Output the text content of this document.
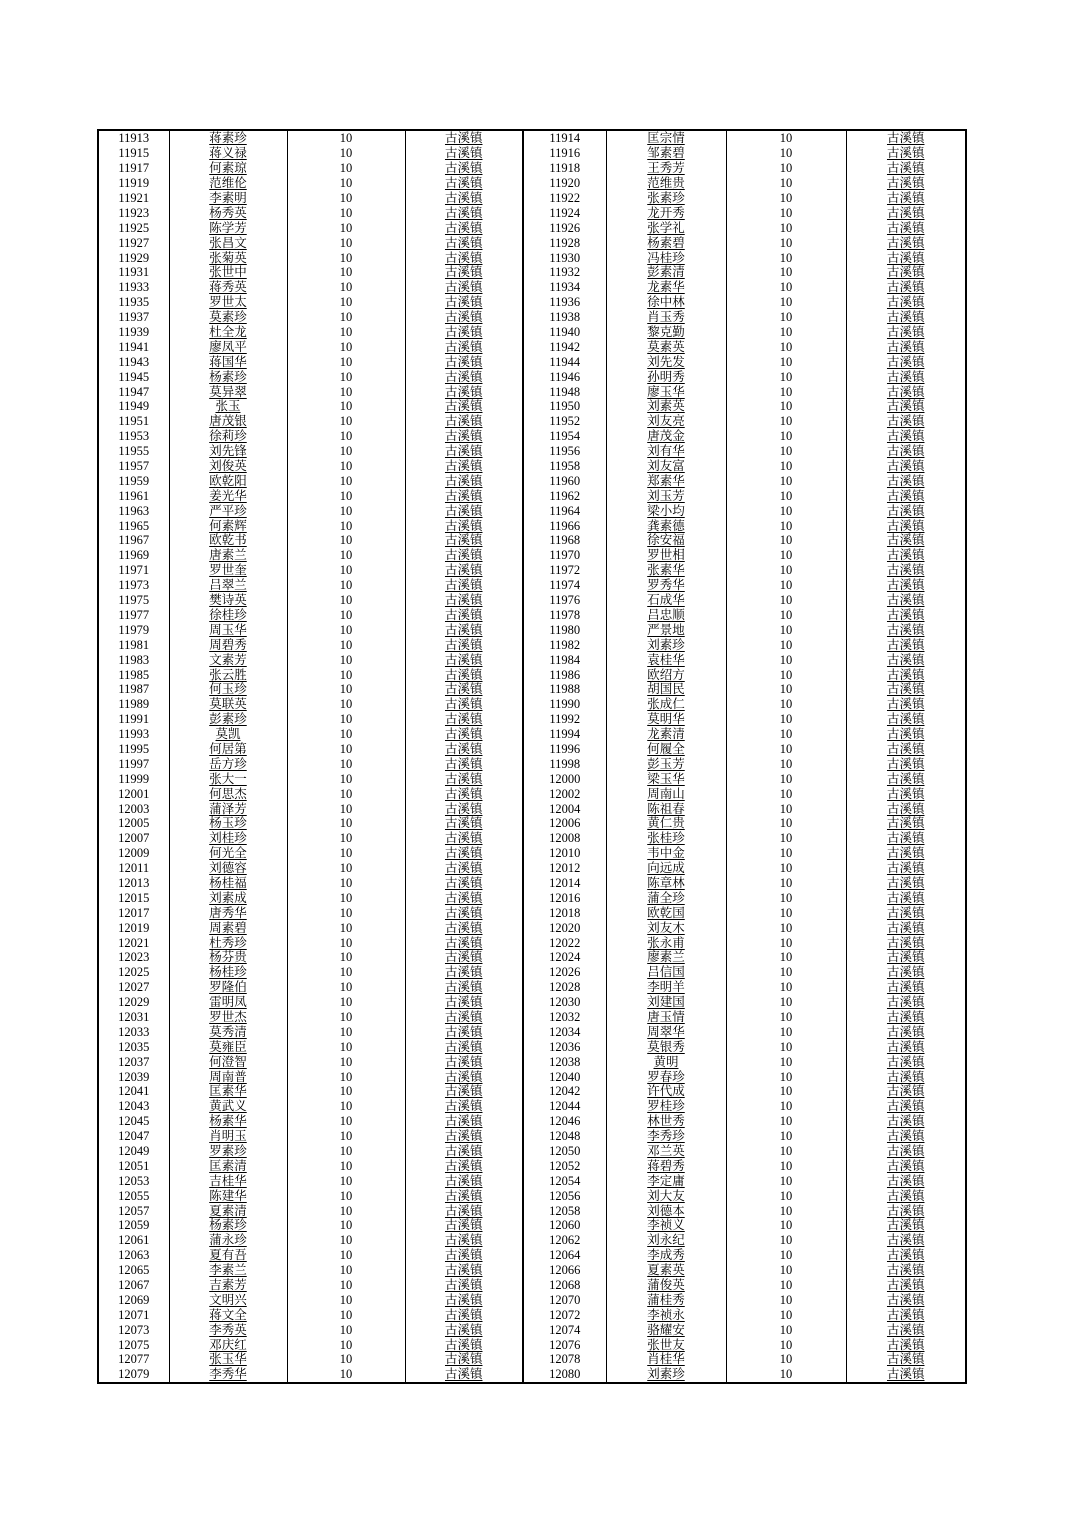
11913	蒋素珍	10	古溪镇	11914	匡宗情	10	古溪镇
11915	蒋义禄	10	古溪镇	11916	邹素碧	10	古溪镇
11917	何素琼	10	古溪镇	11918	王秀芳	10	古溪镇
11919	范维伦	10	古溪镇	11920	范维贵	10	古溪镇
11921	李素明	10	古溪镇	11922	张素珍	10	古溪镇
11923	杨秀英	10	古溪镇	11924	龙开秀	10	古溪镇
11925	陈学芳	10	古溪镇	11926	张学礼	10	古溪镇
11927	张昌文	10	古溪镇	11928	杨素碧	10	古溪镇
11929	张菊英	10	古溪镇	11930	冯桂珍	10	古溪镇
11931	张世中	10	古溪镇	11932	彭素清	10	古溪镇
11933	蒋秀英	10	古溪镇	11934	龙素华	10	古溪镇
11935	罗世太	10	古溪镇	11936	徐中林	10	古溪镇
11937	莫素珍	10	古溪镇	11938	肖玉秀	10	古溪镇
11939	杜全龙	10	古溪镇	11940	黎克勤	10	古溪镇
11941	廖凤平	10	古溪镇	11942	莫素英	10	古溪镇
11943	蒋国华	10	古溪镇	11944	刘先发	10	古溪镇
11945	杨素珍	10	古溪镇	11946	孙明秀	10	古溪镇
11947	莫异翠	10	古溪镇	11948	廖玉华	10	古溪镇
11949	张玉	10	古溪镇	11950	刘素英	10	古溪镇
11951	唐茂银	10	古溪镇	11952	刘友亮	10	古溪镇
11953	徐莉珍	10	古溪镇	11954	唐茂金	10	古溪镇
11955	刘先锋	10	古溪镇	11956	刘有华	10	古溪镇
11957	刘俊英	10	古溪镇	11958	刘友富	10	古溪镇
11959	欧乾阳	10	古溪镇	11960	郑素华	10	古溪镇
11961	姜光华	10	古溪镇	11962	刘玉芳	10	古溪镇
11963	严平珍	10	古溪镇	11964	梁小均	10	古溪镇
11965	何素辉	10	古溪镇	11966	龚素德	10	古溪镇
11967	欧乾书	10	古溪镇	11968	徐安福	10	古溪镇
11969	唐素兰	10	古溪镇	11970	罗世相	10	古溪镇
11971	罗世奎	10	古溪镇	11972	张素华	10	古溪镇
11973	吕翠兰	10	古溪镇	11974	罗秀华	10	古溪镇
11975	樊诗英	10	古溪镇	11976	石成华	10	古溪镇
11977	徐桂珍	10	古溪镇	11978	吕忠顺	10	古溪镇
11979	周玉华	10	古溪镇	11980	严景地	10	古溪镇
11981	周碧秀	10	古溪镇	11982	刘素珍	10	古溪镇
11983	文素芳	10	古溪镇	11984	袁桂华	10	古溪镇
11985	张云胜	10	古溪镇	11986	欧绍方	10	古溪镇
11987	何玉珍	10	古溪镇	11988	胡国民	10	古溪镇
11989	莫联英	10	古溪镇	11990	张成仁	10	古溪镇
11991	彭素珍	10	古溪镇	11992	莫明华	10	古溪镇
11993	莫凯	10	古溪镇	11994	龙素清	10	古溪镇
11995	何居第	10	古溪镇	11996	何履全	10	古溪镇
11997	岳方珍	10	古溪镇	11998	彭玉芳	10	古溪镇
11999	张大一	10	古溪镇	12000	梁玉华	10	古溪镇
12001	何思杰	10	古溪镇	12002	周南山	10	古溪镇
12003	蒲泽芳	10	古溪镇	12004	陈祖春	10	古溪镇
12005	杨玉珍	10	古溪镇	12006	黄仁贵	10	古溪镇
12007	刘桂珍	10	古溪镇	12008	张桂珍	10	古溪镇
12009	何光全	10	古溪镇	12010	韦中金	10	古溪镇
12011	刘德容	10	古溪镇	12012	向远成	10	古溪镇
12013	杨桂福	10	古溪镇	12014	陈章林	10	古溪镇
12015	刘素成	10	古溪镇	12016	蒲全珍	10	古溪镇
12017	唐秀华	10	古溪镇	12018	欧乾国	10	古溪镇
12019	周素碧	10	古溪镇	12020	刘友木	10	古溪镇
12021	杜秀珍	10	古溪镇	12022	张永甫	10	古溪镇
12023	杨芬贵	10	古溪镇	12024	廖素兰	10	古溪镇
12025	杨桂珍	10	古溪镇	12026	吕信国	10	古溪镇
12027	罗隆伯	10	古溪镇	12028	李明羊	10	古溪镇
12029	雷明凤	10	古溪镇	12030	刘建国	10	古溪镇
12031	罗世杰	10	古溪镇	12032	唐玉情	10	古溪镇
12033	莫秀清	10	古溪镇	12034	周翠华	10	古溪镇
12035	莫雍臣	10	古溪镇	12036	莫银秀	10	古溪镇
12037	何澄智	10	古溪镇	12038	黄明	10	古溪镇
12039	周南普	10	古溪镇	12040	罗春珍	10	古溪镇
12041	匡素华	10	古溪镇	12042	许代成	10	古溪镇
12043	黄武义	10	古溪镇	12044	罗桂珍	10	古溪镇
12045	杨素华	10	古溪镇	12046	林世秀	10	古溪镇
12047	肖明玉	10	古溪镇	12048	李秀珍	10	古溪镇
12049	罗素珍	10	古溪镇	12050	邓兰英	10	古溪镇
12051	匡素清	10	古溪镇	12052	蒋碧秀	10	古溪镇
12053	吉桂华	10	古溪镇	12054	李定庸	10	古溪镇
12055	陈建华	10	古溪镇	12056	刘大友	10	古溪镇
12057	夏素清	10	古溪镇	12058	刘德本	10	古溪镇
12059	杨素珍	10	古溪镇	12060	李祯义	10	古溪镇
12061	蒲永珍	10	古溪镇	12062	刘永纪	10	古溪镇
12063	夏有吾	10	古溪镇	12064	李成秀	10	古溪镇
12065	李素兰	10	古溪镇	12066	夏素英	10	古溪镇
12067	吉素芳	10	古溪镇	12068	蒲俊英	10	古溪镇
12069	文明兴	10	古溪镇	12070	蒲桂秀	10	古溪镇
12071	蒋文全	10	古溪镇	12072	李祯永	10	古溪镇
12073	李秀英	10	古溪镇	12074	骆耀安	10	古溪镇
12075	邓庆红	10	古溪镇	12076	张世友	10	古溪镇
12077	张玉华	10	古溪镇	12078	肖桂华	10	古溪镇
12079	李秀华	10	古溪镇	12080	刘素珍	10	古溪镇
